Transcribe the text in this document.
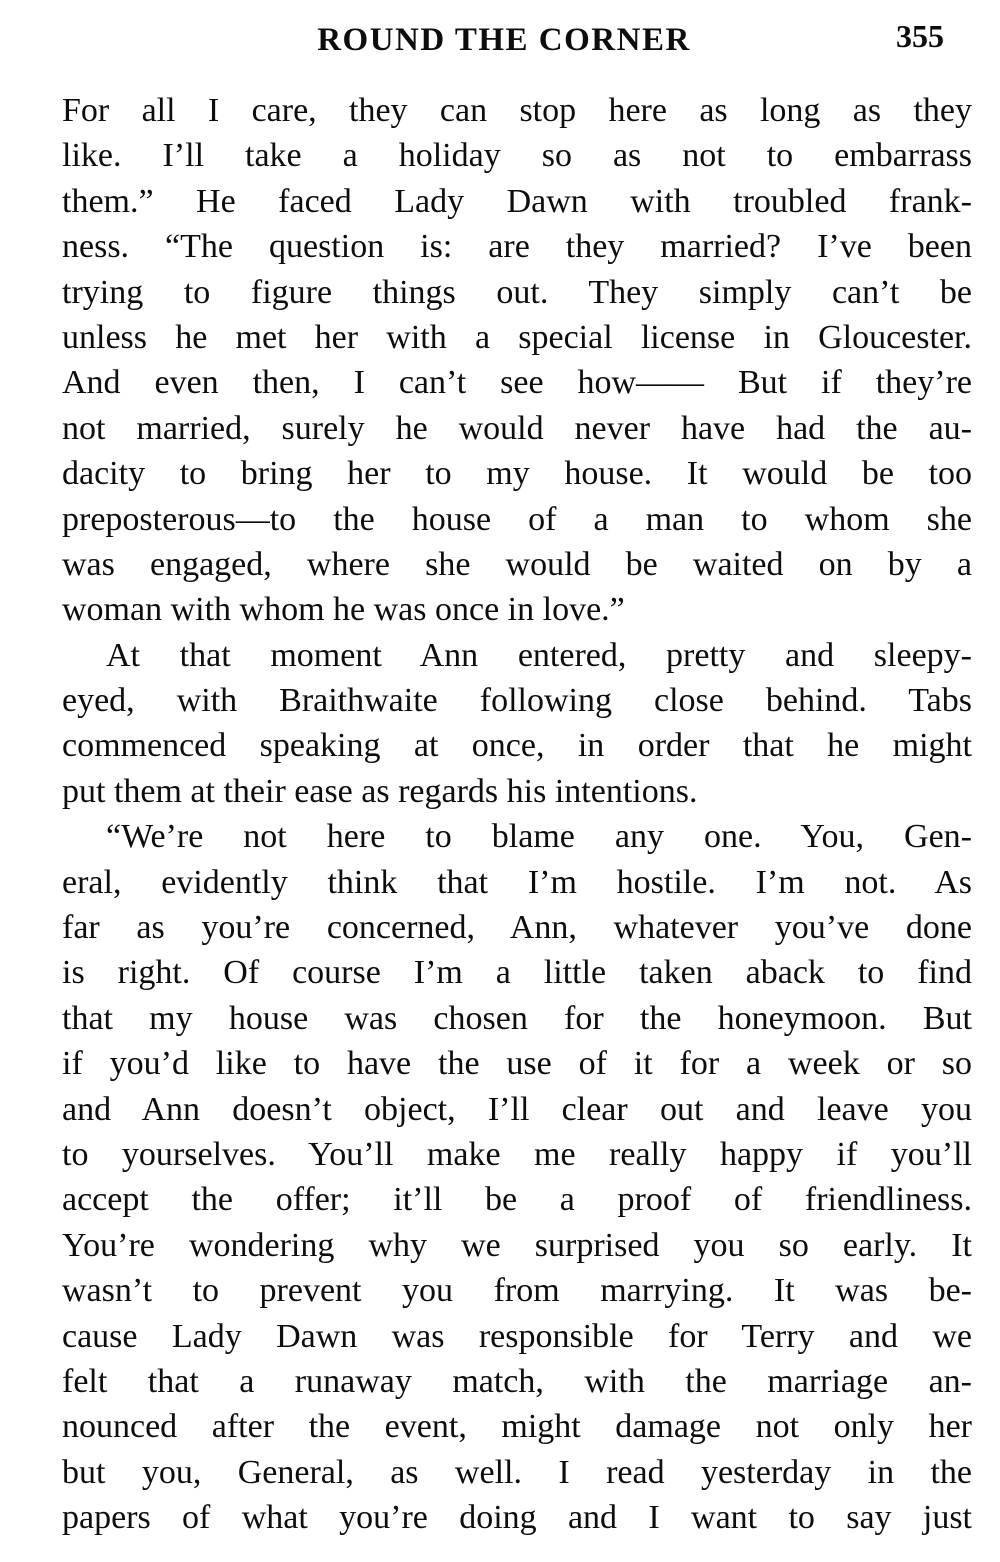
ROUND THE CORNER	355
For all I care, they can stop here as long as they
like. I’ll take a holiday so as not to embarrass
them.” He faced Lady Dawn with troubled frank-
ness. “The question is: are they married? I’ve been
trying to figure things out. They simply can’t be
unless he met her with a special license in Gloucester.
And even then, I can’t see how—— But if they’re
not married, surely he would never have had the au-
dacity to bring her to my house. It would be too
preposterous—to the house of a man to whom she
was engaged, where she would be waited on by a
woman with whom he was once in love.”
At that moment Ann entered, pretty and sleepy-
eyed, with Braithwaite following close behind. Tabs
commenced speaking at once, in order that he might
put them at their ease as regards his intentions.
“We’re not here to blame any one. You, Gen-
eral, evidently think that I’m hostile. I’m not. As
far as you’re concerned, Ann, whatever you’ve done
is right. Of course I’m a little taken aback to find
that my house was chosen for the honeymoon. But
if you’d like to have the use of it for a week or so
and Ann doesn’t object, I’ll clear out and leave you
to yourselves. You’ll make me really happy if you’ll
accept the offer; it’ll be a proof of friendliness.
You’re wondering why we surprised you so early. It
wasn’t to prevent you from marrying. It was be-
cause Lady Dawn was responsible for Terry and we
felt that a runaway match, with the marriage an-
nounced after the event, might damage not only her
but you, General, as well. I read yesterday in the
papers of what you’re doing and I want to say just
